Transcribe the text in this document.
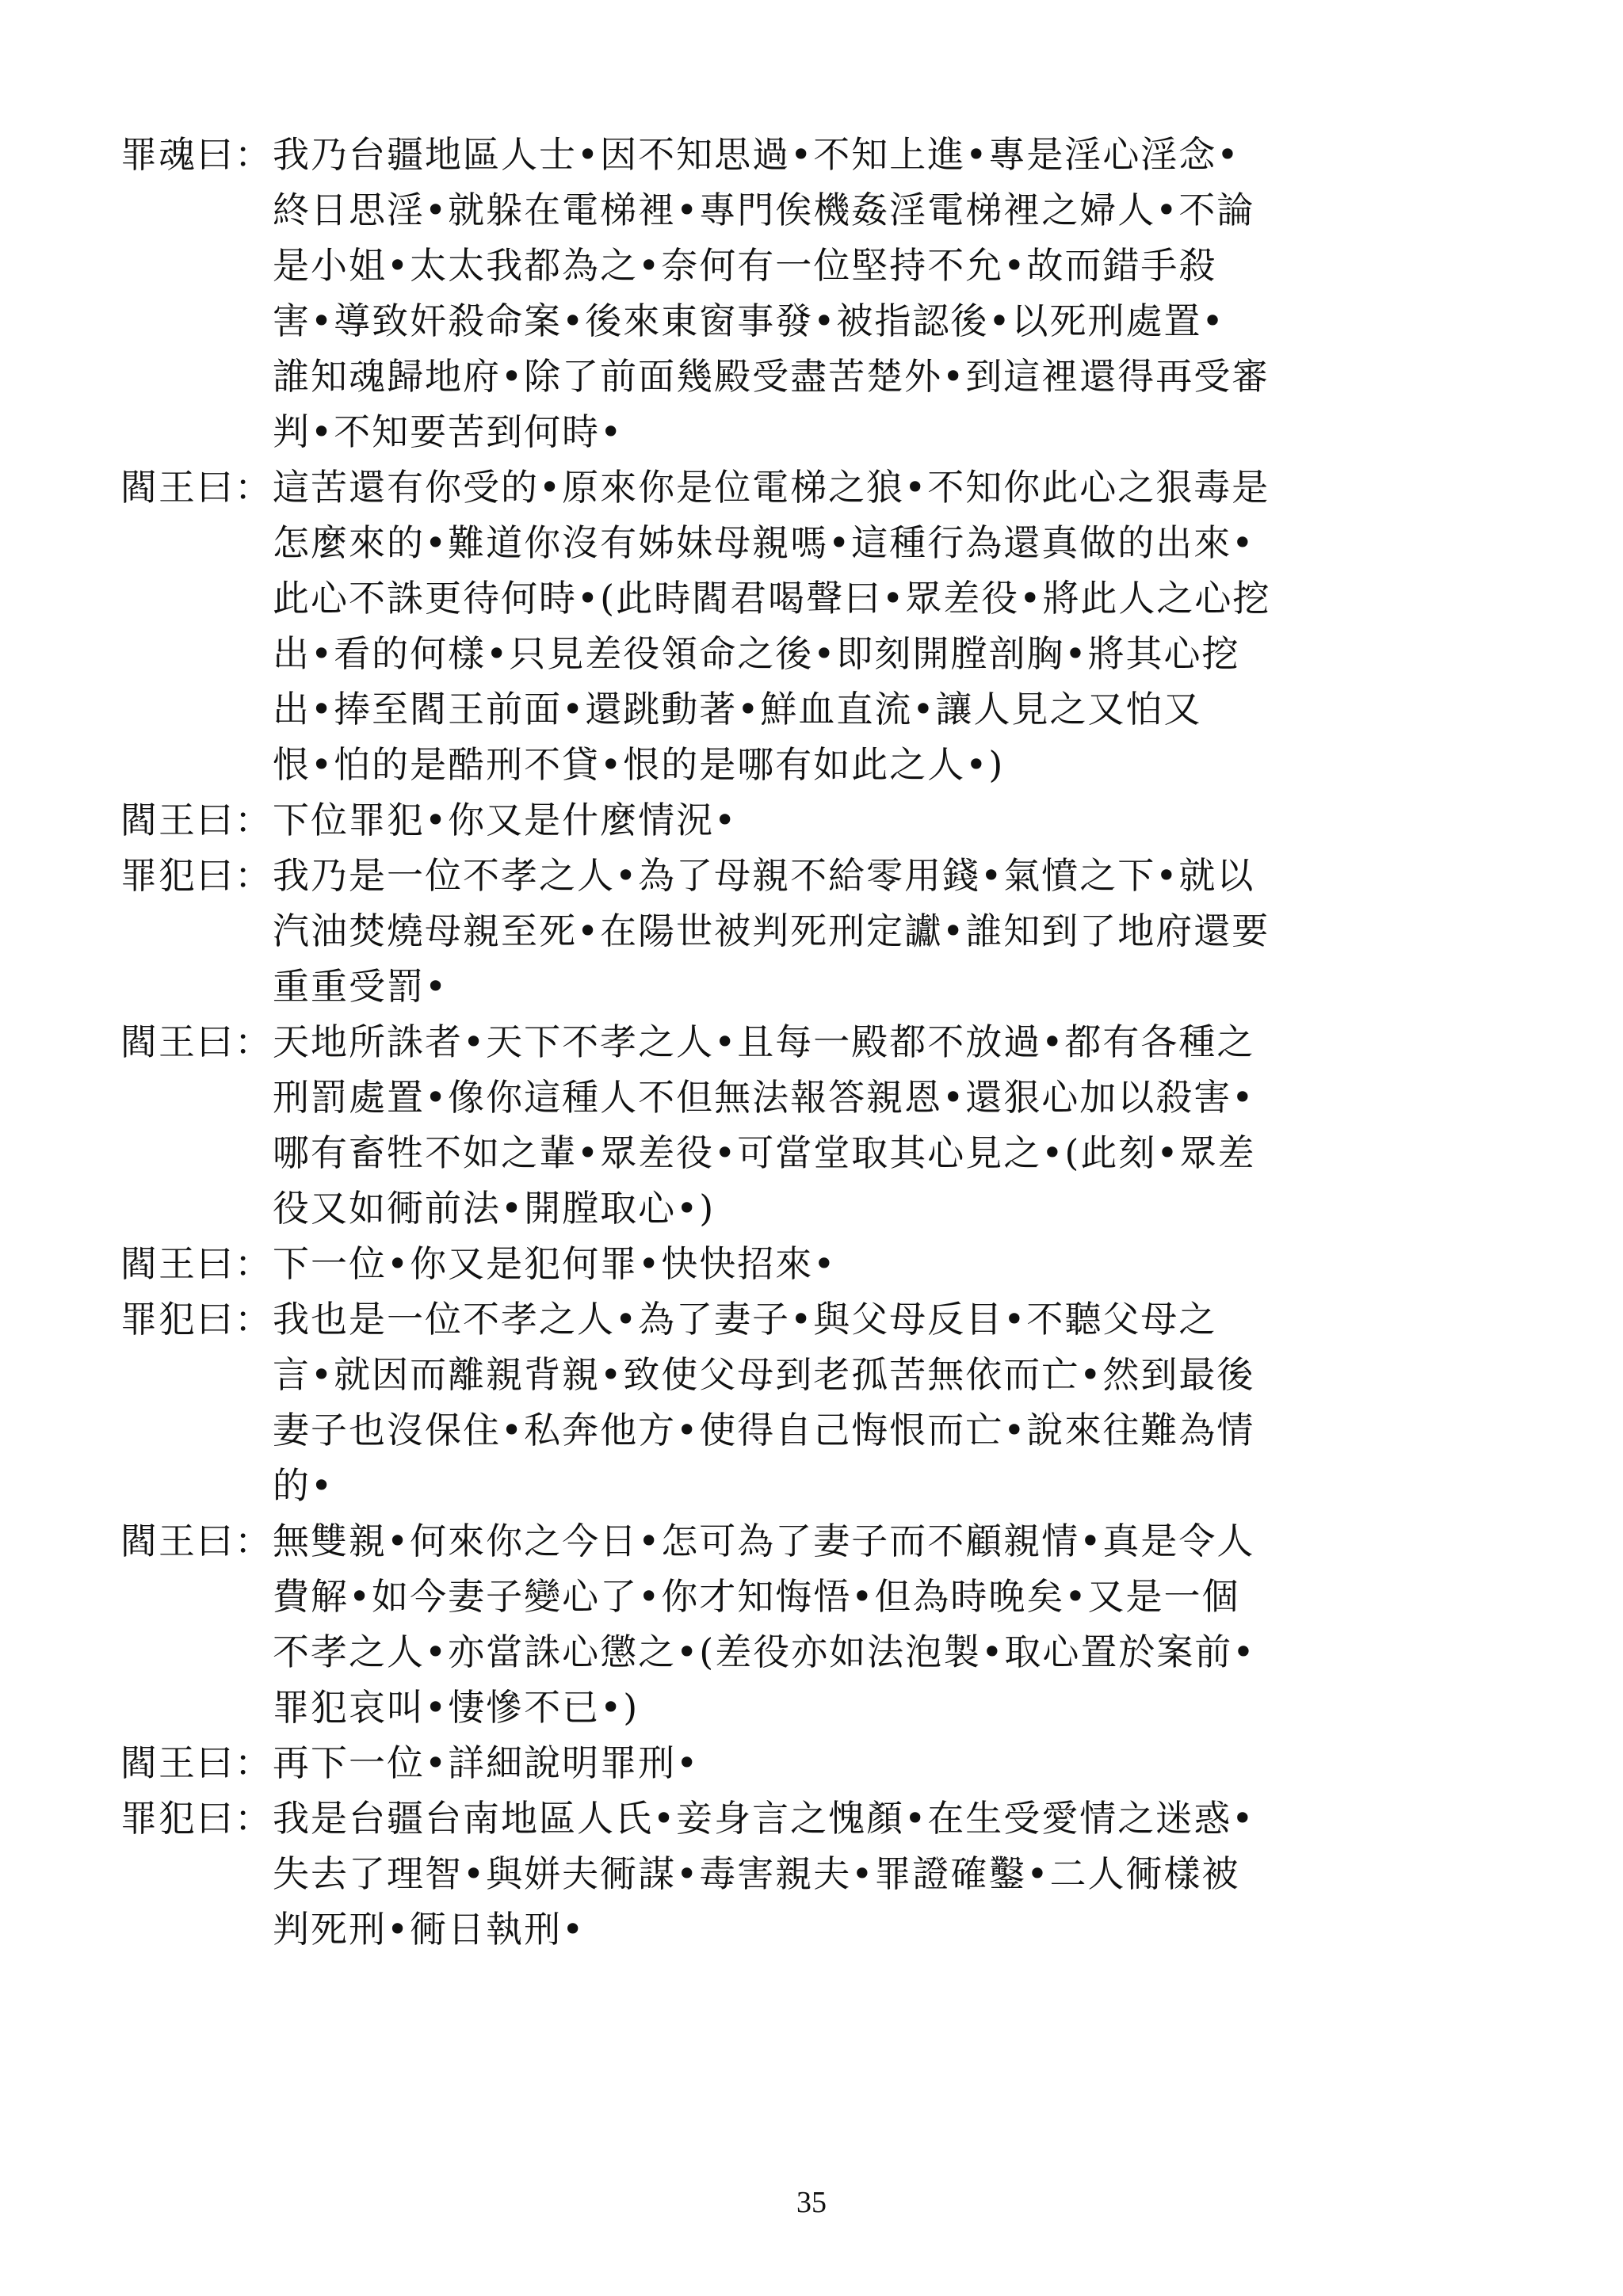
罪魂曰： 我乃台疆地區人士•因不知思過•不知上進•專是淫心淫念•
終日思淫•就躲在電梯裡•專門俟機姦淫電梯裡之婦人•不論
是小姐•太太我都為之•奈何有一位堅持不允•故而錯手殺
害•導致奸殺命案•後來東窗事發•被指認後•以死刑處置•
誰知魂歸地府•除了前面幾殿受盡苦楚外•到這裡還得再受審
判•不知要苦到何時•
閻王曰： 這苦還有你受的•原來你是位電梯之狼•不知你此心之狠毒是
怎麼來的•難道你沒有姊妹母親嗎•這種行為還真做的出來•
此心不誅更待何時•(此時閻君喝聲曰•眾差役•將此人之心挖
出•看的何樣•只見差役領命之後•即刻開膛剖胸•將其心挖
出•捧至閻王前面•還跳動著•鮮血直流•讓人見之又怕又
恨•怕的是酷刑不貸•恨的是哪有如此之人•)
閻王曰： 下位罪犯•你又是什麼情況•
罪犯曰： 我乃是一位不孝之人•為了母親不給零用錢•氣憤之下•就以
汽油焚燒母親至死•在陽世被判死刑定讞•誰知到了地府還要
重重受罰•
閻王曰： 天地所誅者•天下不孝之人•且每一殿都不放過•都有各種之
刑罰處置•像你這種人不但無法報答親恩•還狠心加以殺害•
哪有畜牲不如之輩•眾差役•可當堂取其心見之•(此刻•眾差
役又如衕前法•開膛取心•)
閻王曰： 下一位•你又是犯何罪•快快招來•
罪犯曰： 我也是一位不孝之人•為了妻子•與父母反目•不聽父母之
言•就因而離親背親•致使父母到老孤苦無依而亡•然到最後
妻子也沒保住•私奔他方•使得自己悔恨而亡•說來往難為情
的•
閻王曰： 無雙親•何來你之今日•怎可為了妻子而不顧親情•真是令人
費解•如今妻子變心了•你才知悔悟•但為時晚矣•又是一個
不孝之人•亦當誅心懲之•(差役亦如法泡製•取心置於案前•
罪犯哀叫•悽慘不已•)
閻王曰： 再下一位•詳細說明罪刑•
罪犯曰： 我是台疆台南地區人氏•妾身言之愧顏•在生受愛情之迷惑•
失去了理智•與姘夫衕謀•毒害親夫•罪證確鑿•二人衕樣被
判死刑•衕日執刑•
35
